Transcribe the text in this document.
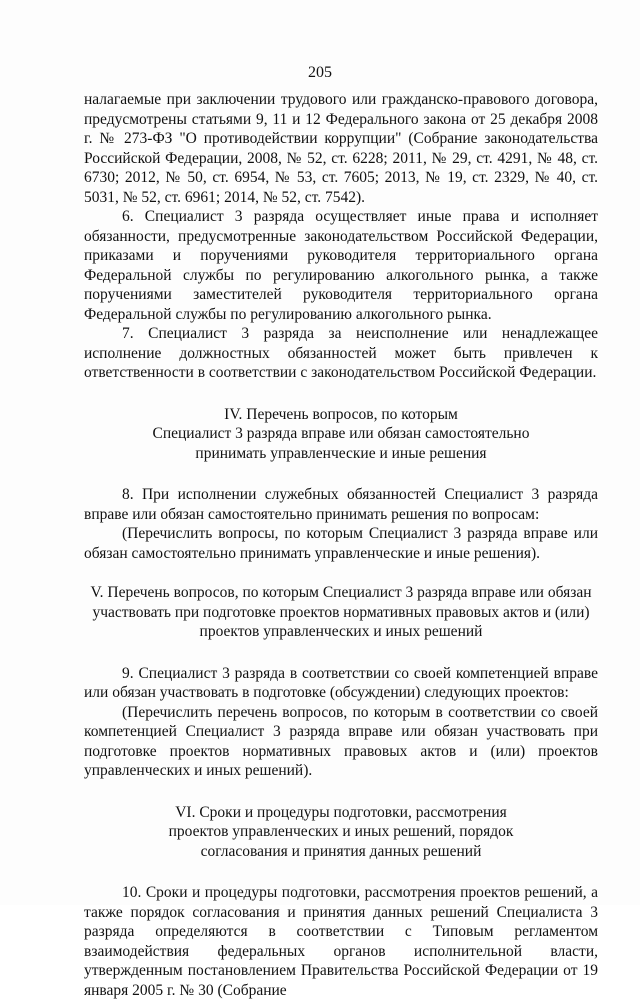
205

налагаемые при заключении трудового или гражданско-правового договора, предусмотрены статьями 9, 11 и 12 Федерального закона от 25 декабря 2008 г. № 273-ФЗ "О противодействии коррупции" (Собрание законодательства Российской Федерации, 2008, № 52, ст. 6228; 2011, № 29, ст. 4291, № 48, ст. 6730; 2012, № 50, ст. 6954, № 53, ст. 7605; 2013, № 19, ст. 2329, № 40, ст. 5031, № 52, ст. 6961; 2014, № 52, ст. 7542).

6. Специалист 3 разряда осуществляет иные права и исполняет обязанности, предусмотренные законодательством Российской Федерации, приказами и поручениями руководителя территориального органа Федеральной службы по регулированию алкогольного рынка, а также поручениями заместителей руководителя территориального органа Федеральной службы по регулированию алкогольного рынка.

7. Специалист 3 разряда за неисполнение или ненадлежащее исполнение должностных обязанностей может быть привлечен к ответственности в соответствии с законодательством Российской Федерации.

IV. Перечень вопросов, по которым

Специалист 3 разряда вправе или обязан самостоятельно

принимать управленческие и иные решения

8. При исполнении служебных обязанностей Специалист 3 разряда вправе или обязан самостоятельно принимать решения по вопросам:

(Перечислить вопросы, по которым Специалист 3 разряда вправе или обязан самостоятельно принимать управленческие и иные решения).

V. Перечень вопросов, по которым Специалист 3 разряда вправе или обязан

участвовать при подготовке проектов нормативных правовых актов и (или)

проектов управленческих и иных решений

9. Специалист 3 разряда в соответствии со своей компетенцией вправе или обязан участвовать в подготовке (обсуждении) следующих проектов:

(Перечислить перечень вопросов, по которым в соответствии со своей компетенцией Специалист 3 разряда вправе или обязан участвовать при подготовке проектов нормативных правовых актов и (или) проектов управленческих и иных решений).

VI. Сроки и процедуры подготовки, рассмотрения

проектов управленческих и иных решений, порядок

согласования и принятия данных решений

10. Сроки и процедуры подготовки, рассмотрения проектов решений, а также порядок согласования и принятия данных решений Специалиста 3 разряда определяются в соответствии с Типовым регламентом взаимодействия федеральных органов исполнительной власти, утвержденным постановлением Правительства Российской Федерации от 19 января 2005 г. № 30 (Собрание
